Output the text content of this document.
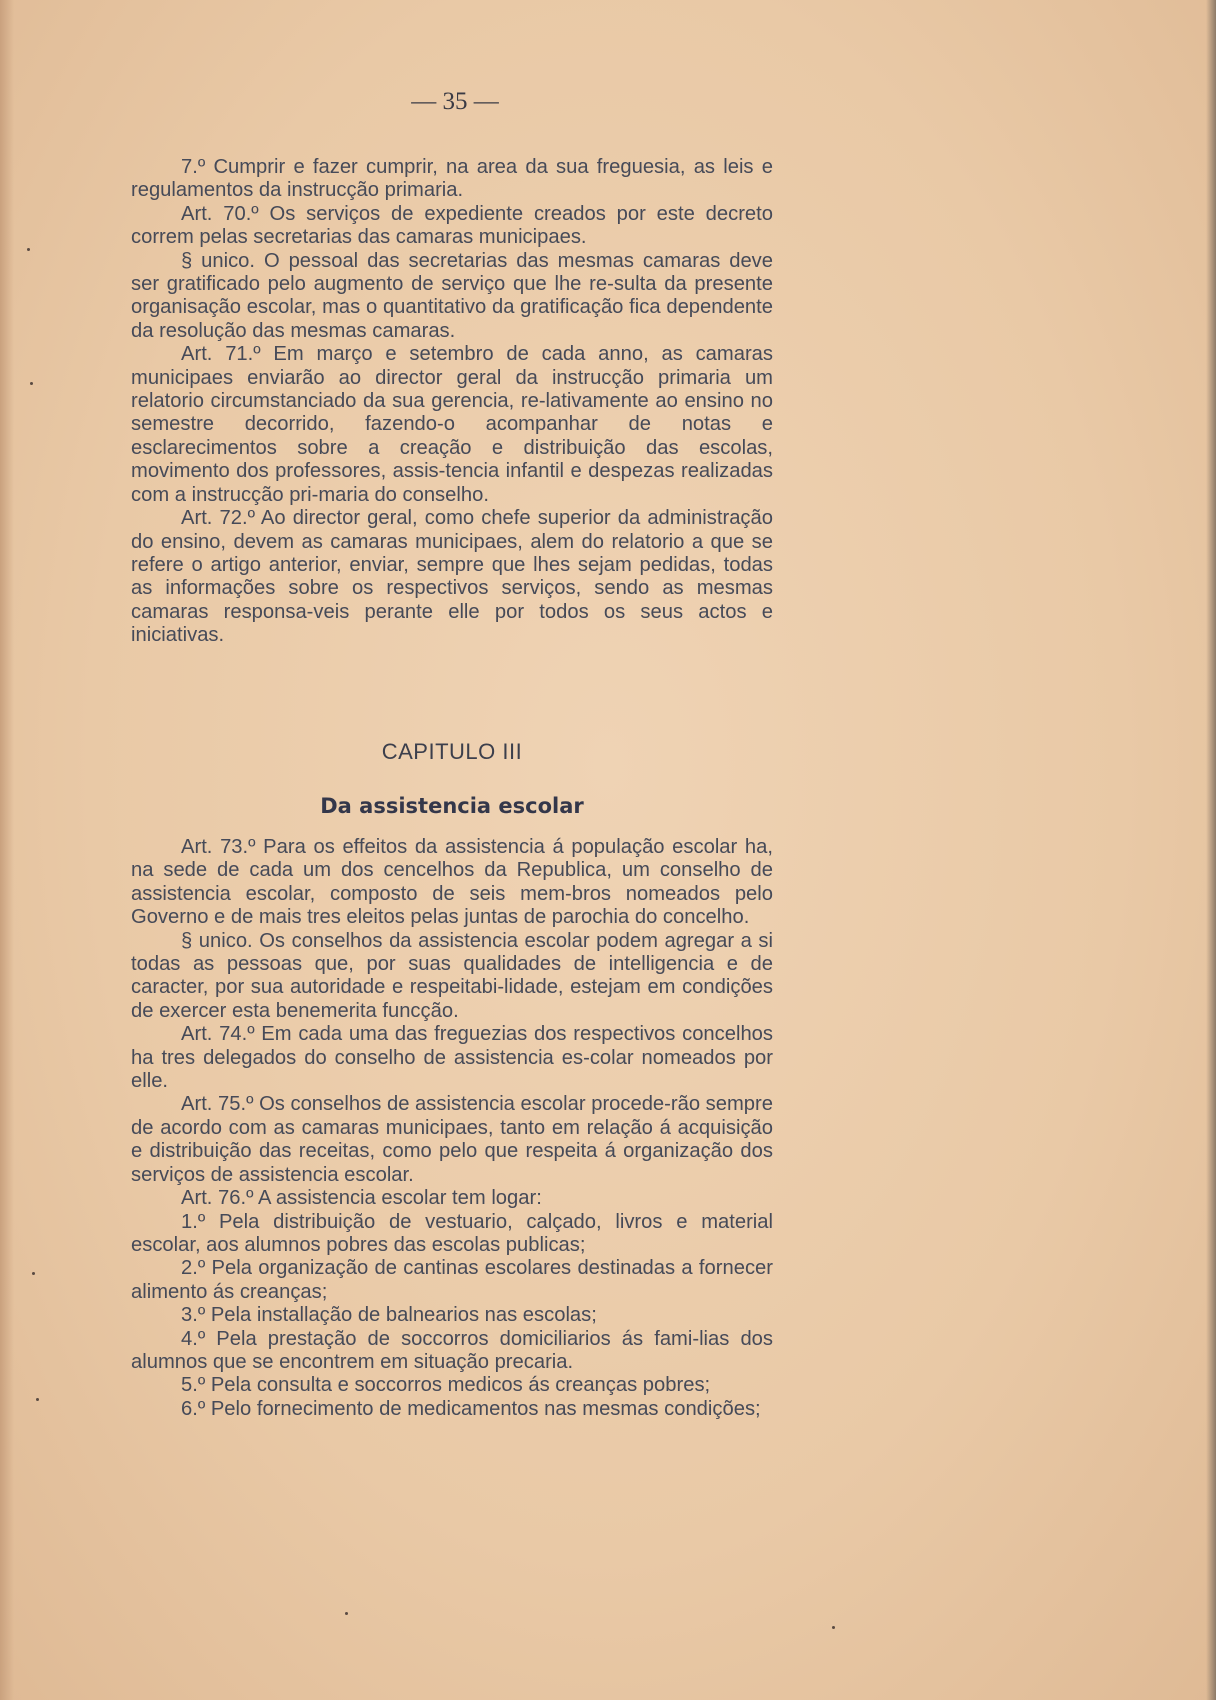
— 35 —

7.º Cumprir e fazer cumprir, na area da sua freguesia, as leis e regulamentos da instrucção primaria.

Art. 70.º Os serviços de expediente creados por este decreto correm pelas secretarias das camaras municipaes.

§ unico. O pessoal das secretarias das mesmas camaras deve ser gratificado pelo augmento de serviço que lhe re-sulta da presente organisação escolar, mas o quantitativo da gratificação fica dependente da resolução das mesmas camaras.

Art. 71.º Em março e setembro de cada anno, as camaras municipaes enviarão ao director geral da instrucção primaria um relatorio circumstanciado da sua gerencia, re-lativamente ao ensino no semestre decorrido, fazendo-o acompanhar de notas e esclarecimentos sobre a creação e distribuição das escolas, movimento dos professores, assis-tencia infantil e despezas realizadas com a instrucção pri-maria do conselho.

Art. 72.º Ao director geral, como chefe superior da administração do ensino, devem as camaras municipaes, alem do relatorio a que se refere o artigo anterior, enviar, sempre que lhes sejam pedidas, todas as informações sobre os respectivos serviços, sendo as mesmas camaras responsa-veis perante elle por todos os seus actos e iniciativas.

CAPITULO III
Da assistencia escolar

Art. 73.º Para os effeitos da assistencia á população escolar ha, na sede de cada um dos cencelhos da Republica, um conselho de assistencia escolar, composto de seis mem-bros nomeados pelo Governo e de mais tres eleitos pelas juntas de parochia do concelho.

§ unico. Os conselhos da assistencia escolar podem agregar a si todas as pessoas que, por suas qualidades de intelligencia e de caracter, por sua autoridade e respeitabi-lidade, estejam em condições de exercer esta benemerita funcção.

Art. 74.º Em cada uma das freguezias dos respectivos concelhos ha tres delegados do conselho de assistencia es-colar nomeados por elle.

Art. 75.º Os conselhos de assistencia escolar procede-rão sempre de acordo com as camaras municipaes, tanto em relação á acquisição e distribuição das receitas, como pelo que respeita á organização dos serviços de assistencia escolar.

Art. 76.º A assistencia escolar tem logar:

1.º Pela distribuição de vestuario, calçado, livros e material escolar, aos alumnos pobres das escolas publicas;

2.º Pela organização de cantinas escolares destinadas a fornecer alimento ás creanças;

3.º Pela installação de balnearios nas escolas;

4.º Pela prestação de soccorros domiciliarios ás fami-lias dos alumnos que se encontrem em situação precaria.

5.º Pela consulta e soccorros medicos ás creanças pobres;

6.º Pelo fornecimento de medicamentos nas mesmas condições;
